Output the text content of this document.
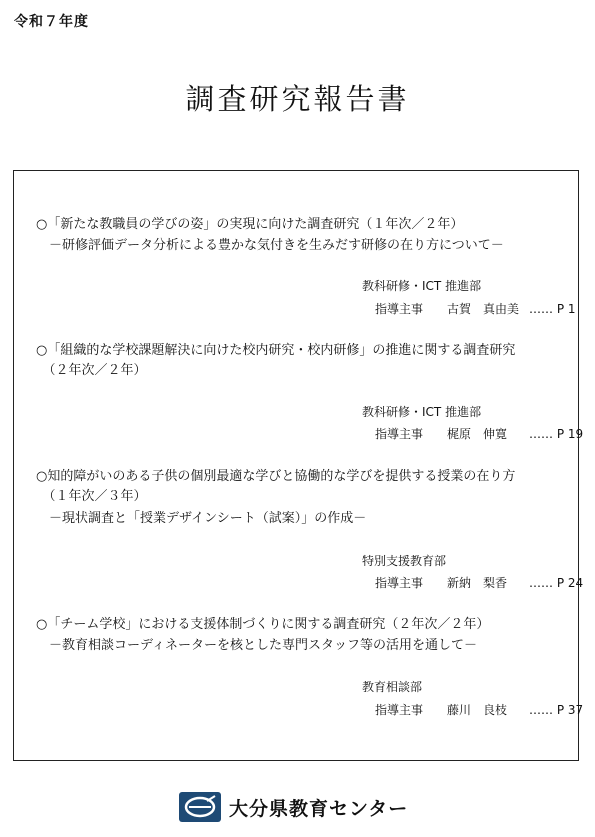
令和７年度
調査研究報告書
○「新たな教職員の学びの姿」の実現に向けた調査研究（１年次／２年）
　－研修評価データ分析による豊かな気付きを生みだす研修の在り方について－
教科研修・ICT 推進部
指導主事 古賀　真由美 …… P 1
○「組織的な学校課題解決に向けた校内研究・校内研修」の推進に関する調査研究
　（２年次／２年）
教科研修・ICT 推進部
指導主事 梶原　伸寛 …… P 19
○知的障がいのある子供の個別最適な学びと協働的な学びを提供する授業の在り方
　（１年次／３年）
　－現状調査と「授業デザインシート（試案）」の作成－
特別支援教育部
指導主事 新納　梨香 …… P 24
○「チーム学校」における支援体制づくりに関する調査研究（２年次／２年）
　－教育相談コーディネーターを核とした専門スタッフ等の活用を通して－
教育相談部
指導主事 藤川　良枝 …… P 37
大分県教育センター
